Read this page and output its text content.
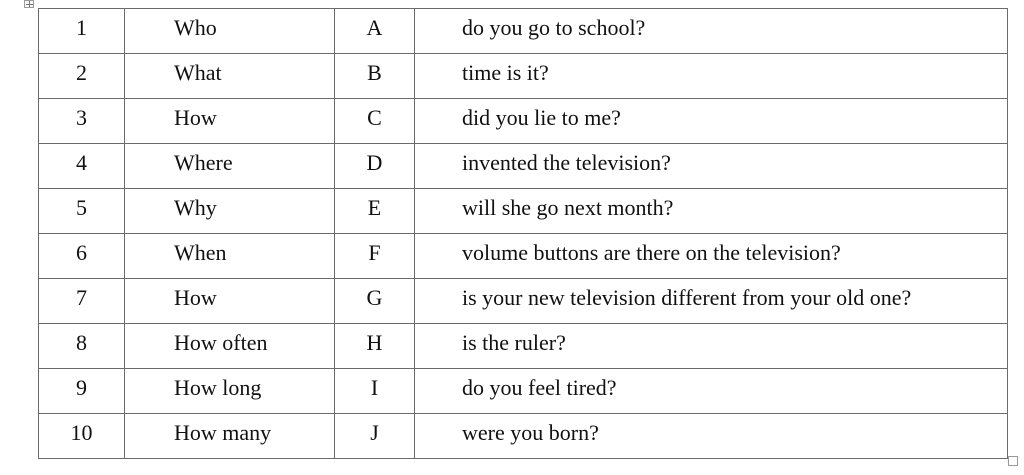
1	Who	A	do you go to school?

2	What	B	time is it?

3	How	C	did you lie to me?

4	Where	D	invented the television?

5	Why	E	will she go next month?

6	When	F	volume buttons are there on the television?

7	How	G	is your new television different from your old one?

8	How often	H	is the ruler?

9	How long	I	do you feel tired?

10	How many	J	were you born?
